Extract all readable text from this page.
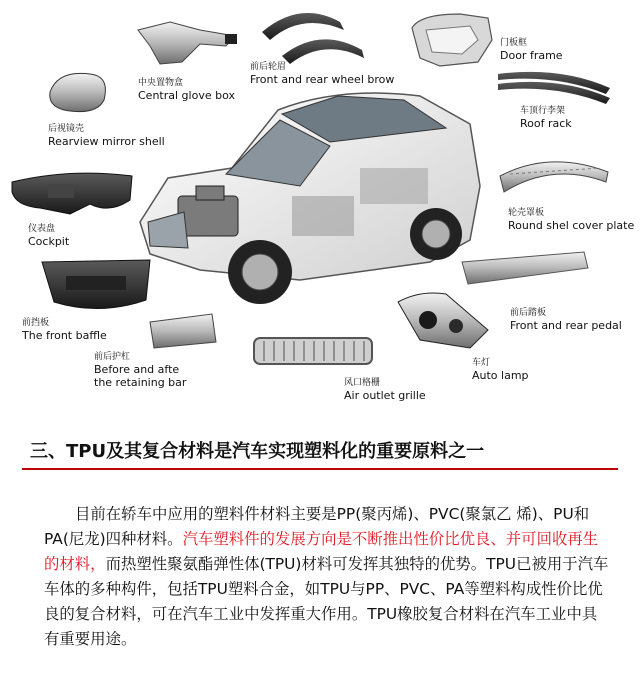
前后轮眉
Front and rear wheel brow
门板框
Door frame
中央置物盒
Central glove box
后视镜壳
Rearview mirror shell
车顶行李架
Roof rack
仪表盘
Cockpit
轮壳罩板
Round shel cover plate
前挡板
The front baffle
前后踏板
Front and rear pedal
前后护杠
Before and afte
the retaining bar
车灯
Auto lamp
风口格栅
Air outlet grille
三、TPU及其复合材料是汽车实现塑料化的重要原料之一
目前在轿车中应用的塑料件材料主要是PP(聚丙烯)、PVC(聚氯乙 烯)、PU和PA(尼龙)四种材料。汽车塑料件的发展方向是不断推出性价比优良、并可回收再生的材料，而热塑性聚氨酯弹性体(TPU)材料可发挥其独特的优势。TPU已被用于汽车车体的多种构件，包括TPU塑料合金，如TPU与PP、PVC、PA等塑料构成性价比优良的复合材料，可在汽车工业中发挥重大作用。TPU橡胶复合材料在汽车工业中具有重要用途。
